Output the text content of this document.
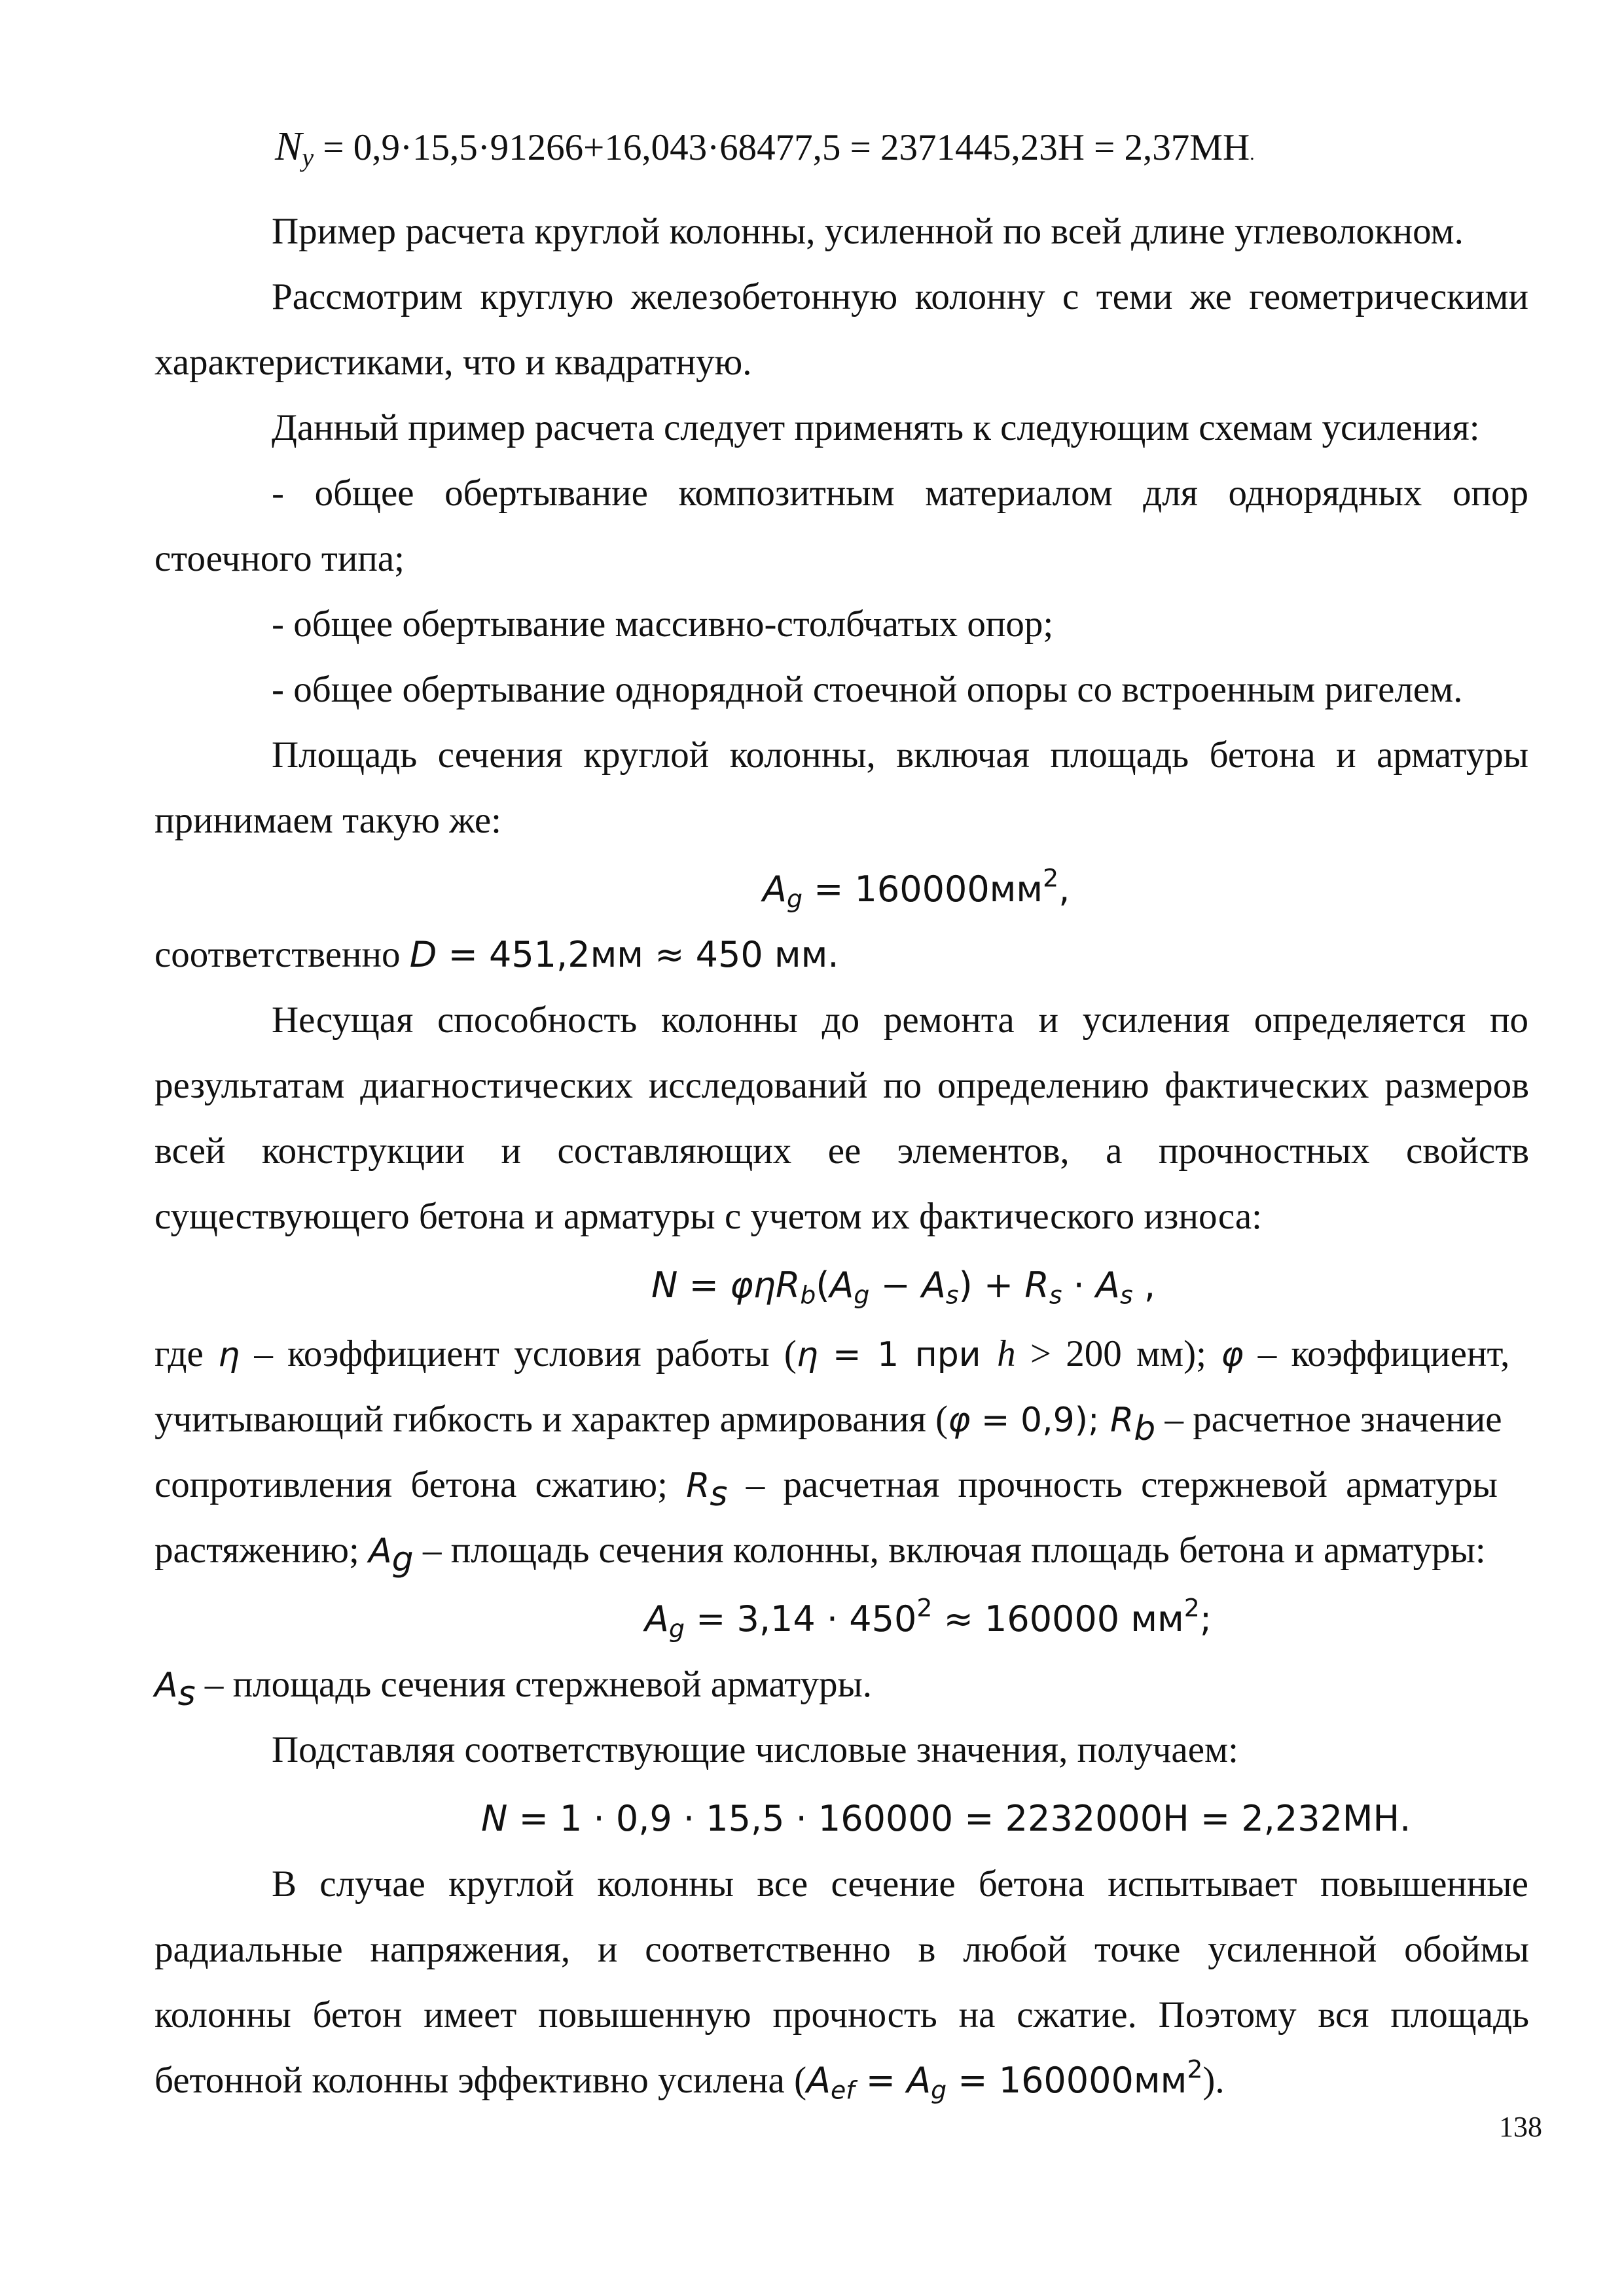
$N_y = 0,9\cdot 15,5\cdot 91266+16,043\cdot 68477,5 = 2371445,23Н = 2,37МН$.
Пример расчета круглой колонны, усиленной по всей длине углеволокном.
Рассмотрим круглую железобетонную колонну с теми же геометрическими
характеристиками, что и квадратную.
Данный пример расчета следует применять к следующим схемам усиления:
- общее обертывание композитным материалом для однорядных опор
стоечного типа;
- общее обертывание массивно-столбчатых опор;
- общее обертывание однорядной стоечной опоры со встроенным ригелем.
Площадь сечения круглой колонны, включая площадь бетона и арматуры
принимаем такую же:
$A_g = 160000мм^2$,
соответственно D = 451,2мм ≈ 450 мм.
Несущая способность колонны до ремонта и усиления определяется по
результатам диагностических исследований по определению фактических размеров
всей конструкции и составляющих ее элементов, а прочностных свойств
существующего бетона и арматуры с учетом их фактического износа:
$N = \varphi\eta R_b(A_g - A_s) + R_s \cdot A_s$ ,
где η – коэффициент условия работы (η = 1 при h > 200 мм); φ – коэффициент,
учитывающий гибкость и характер армирования (φ = 0,9); $R_b$ – расчетное значение
сопротивления бетона сжатию; $R_s$ – расчетная прочность стержневой арматуры
растяжению; $A_g$ – площадь сечения колонны, включая площадь бетона и арматуры:
$A_g = 3,14 \cdot 450^2 \approx 160000$ $мм^2$;
$A_s$ – площадь сечения стержневой арматуры.
Подставляя соответствующие числовые значения, получаем:
N = 1 · 0,9 · 15,5 · 160000 = 2232000Н = 2,232МН.
В случае круглой колонны все сечение бетона испытывает повышенные
радиальные напряжения, и соответственно в любой точке усиленной обоймы
колонны бетон имеет повышенную прочность на сжатие. Поэтому вся площадь
бетонной колонны эффективно усилена $(A_{ef} = A_g = 160000мм^2)$.
138
